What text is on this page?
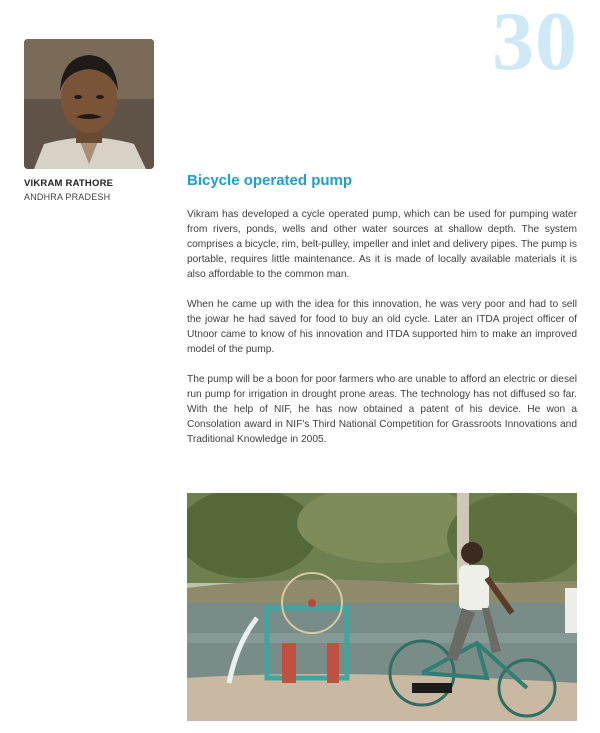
30
VIKRAM RATHORE
ANDHRA PRADESH
Bicycle operated pump

Vikram has developed a cycle operated pump, which can be used for pumping water from rivers, ponds, wells and other water sources at shallow depth. The system comprises a bicycle, rim, belt-pulley, impeller and inlet and delivery pipes. The pump is portable, requires little maintenance. As it is made of locally available materials it is also affordable to the common man.

When he came up with the idea for this innovation, he was very poor and had to sell the jowar he had saved for food to buy an old cycle. Later an ITDA project officer of Utnoor came to know of his innovation and ITDA supported him to make an improved model of the pump.

The pump will be a boon for poor farmers who are unable to afford an electric or diesel run pump for irrigation in drought prone areas. The technology has not diffused so far. With the help of NIF, he has now obtained a patent of his device. He won a Consolation award in NIF's Third National Competition for Grassroots Innovations and Traditional Knowledge in 2005.
